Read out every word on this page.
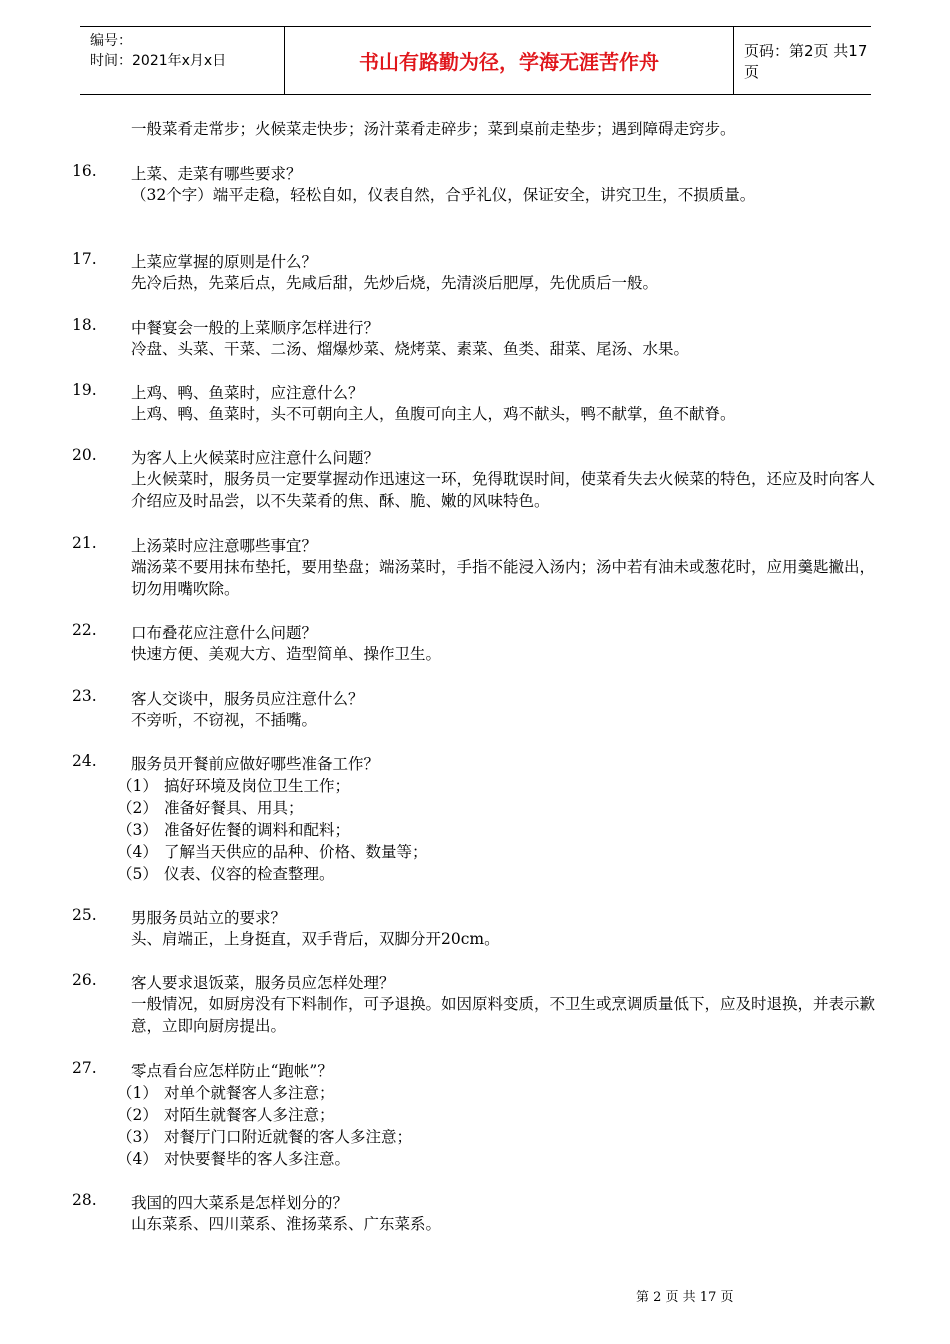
编号：
时间：2021年x月x日	书山有路勤为径，学海无涯苦作舟	页码：第2页 共17页
一般菜肴走常步；火候菜走快步；汤汁菜肴走碎步；菜到桌前走垫步；遇到障碍走窍步。
16. 上菜、走菜有哪些要求？
（32个字）端平走稳，轻松自如，仪表自然，合乎礼仪，保证安全，讲究卫生，不损质量。
17. 上菜应掌握的原则是什么？
先冷后热，先菜后点，先咸后甜，先炒后烧，先清淡后肥厚，先优质后一般。
18. 中餐宴会一般的上菜顺序怎样进行？
冷盘、头菜、干菜、二汤、熘爆炒菜、烧烤菜、素菜、鱼类、甜菜、尾汤、水果。
19. 上鸡、鸭、鱼菜时，应注意什么？
上鸡、鸭、鱼菜时，头不可朝向主人，鱼腹可向主人，鸡不献头，鸭不献掌，鱼不献脊。
20. 为客人上火候菜时应注意什么问题？
上火候菜时，服务员一定要掌握动作迅速这一环，免得耽误时间，使菜肴失去火候菜的特色，还应及时向客人介绍应及时品尝，以不失菜肴的焦、酥、脆、嫩的风味特色。
21. 上汤菜时应注意哪些事宜？
端汤菜不要用抹布垫托，要用垫盘；端汤菜时，手指不能浸入汤内；汤中若有油未或葱花时，应用羹匙撇出，切勿用嘴吹除。
22. 口布叠花应注意什么问题？
快速方便、美观大方、造型简单、操作卫生。
23. 客人交谈中，服务员应注意什么？
不旁听，不窃视，不插嘴。
24. 服务员开餐前应做好哪些准备工作？
（1） 搞好环境及岗位卫生工作；
（2） 准备好餐具、用具；
（3） 准备好佐餐的调料和配料；
（4） 了解当天供应的品种、价格、数量等；
（5） 仪表、仪容的检查整理。
25. 男服务员站立的要求？
头、肩端正，上身挺直，双手背后，双脚分开20cm。
26. 客人要求退饭菜，服务员应怎样处理？
一般情况，如厨房没有下料制作，可予退换。如因原料变质，不卫生或烹调质量低下，应及时退换，并表示歉意，立即向厨房提出。
27. 零点看台应怎样防止“跑帐”？
（1） 对单个就餐客人多注意；
（2） 对陌生就餐客人多注意；
（3） 对餐厅门口附近就餐的客人多注意；
（4） 对快要餐毕的客人多注意。
28. 我国的四大菜系是怎样划分的？
山东菜系、四川菜系、淮扬菜系、广东菜系。
第 2 页 共 17 页
